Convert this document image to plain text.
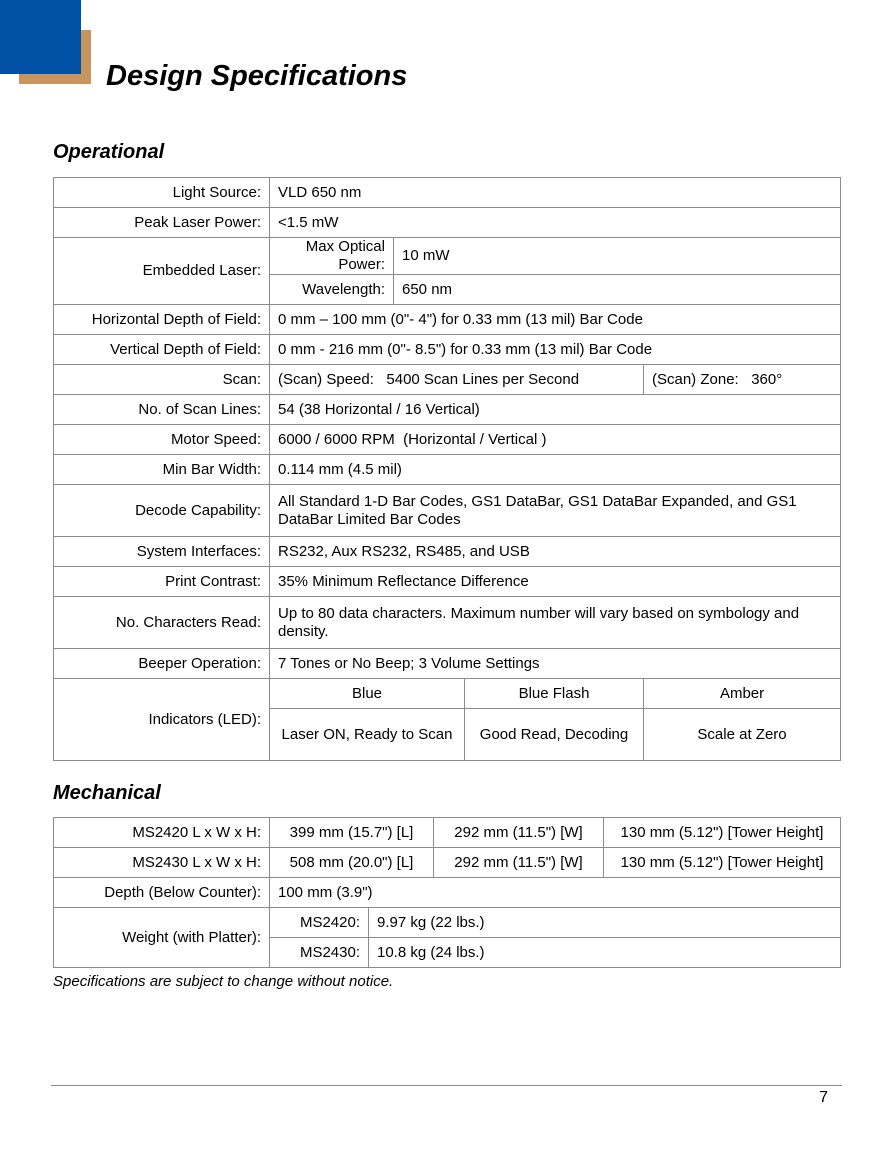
Design Specifications
Operational
Light Source:	VLD 650 nm			
Peak Laser Power:	<1.5 mW			
Embedded Laser:	Max Optical Power:	10 mW		
	Wavelength:	650 nm		
Horizontal Depth of Field:	0 mm – 100 mm (0"- 4") for 0.33 mm (13 mil) Bar Code			
Vertical Depth of Field:	0 mm - 216 mm (0"- 8.5") for 0.33 mm (13 mil) Bar Code			
Scan:	(Scan) Speed:   5400 Scan Lines per Second			(Scan) Zone:   360°
No. of Scan Lines:	54 (38 Horizontal / 16 Vertical)			
Motor Speed:	6000 / 6000 RPM  (Horizontal / Vertical )			
Min Bar Width:	0.114 mm (4.5 mil)			
Decode Capability:	All Standard 1-D Bar Codes, GS1 DataBar, GS1 DataBar Expanded, and GS1 DataBar Limited Bar Codes			
System Interfaces:	RS232, Aux RS232, RS485, and USB			
Print Contrast:	35% Minimum Reflectance Difference			
No. Characters Read:	Up to 80 data characters. Maximum number will vary based on symbology and density.			
Beeper Operation:	7 Tones or No Beep; 3 Volume Settings			
Indicators (LED):	Blue		Blue Flash	Amber
	Laser ON, Ready to Scan		Good Read, Decoding	Scale at Zero
Mechanical
MS2420 L x W x H:	399 mm (15.7") [L]		292 mm (11.5") [W]	130 mm (5.12") [Tower Height]
MS2430 L x W x H:	508 mm (20.0") [L]		292 mm (11.5") [W]	130 mm (5.12") [Tower Height]
Depth (Below Counter):	100 mm (3.9")			
Weight (with Platter):	MS2420:	9.97 kg (22 lbs.)		
	MS2430:	10.8 kg (24 lbs.)		
Specifications are subject to change without notice.
7
